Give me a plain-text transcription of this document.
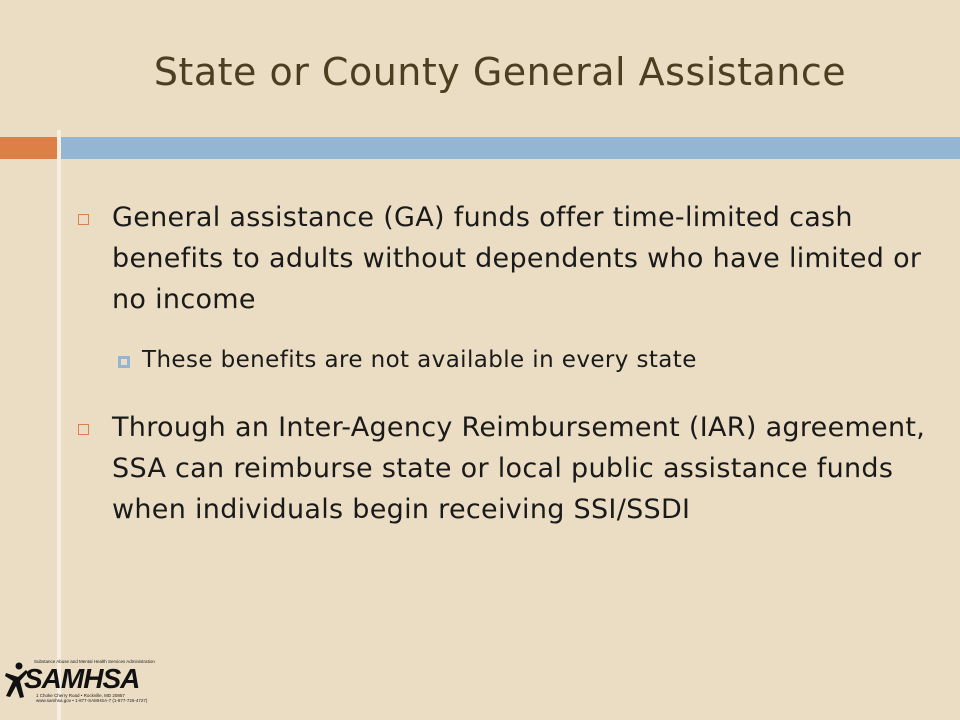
State or County General Assistance
General assistance (GA) funds offer time-limited cash benefits to adults without dependents who have limited or no income
These benefits are not available in every state
Through an Inter-Agency Reimbursement (IAR) agreement, SSA can reimburse state or local public assistance funds when individuals begin receiving SSI/SSDI
Substance Abuse and Mental Health Services Administration
SAMHSA
1 Choke Cherry Road • Rockville, MD 20857
www.samhsa.gov • 1-877-SAMHSA-7 (1-877-726-4727)
